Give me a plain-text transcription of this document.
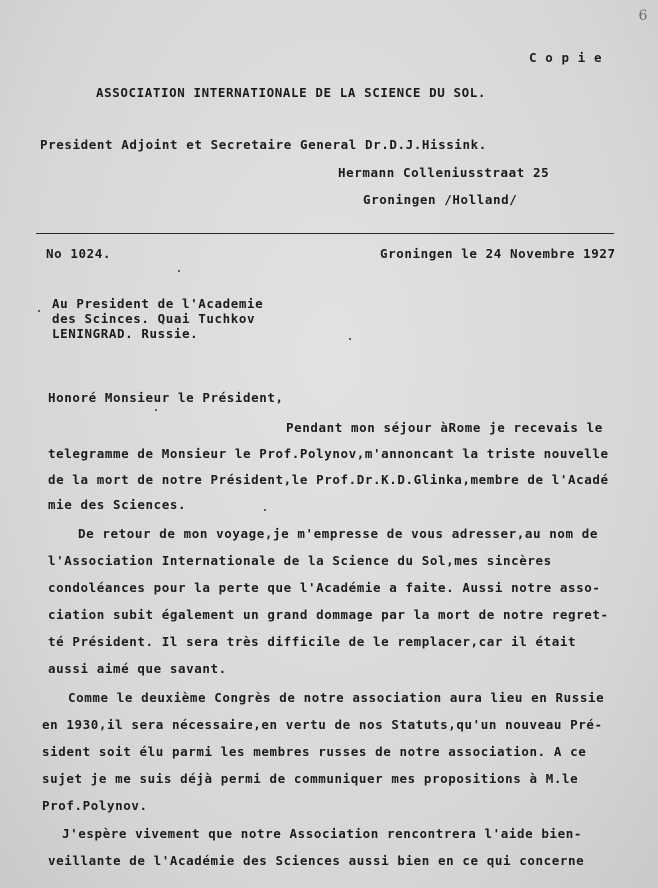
6

C o p i e

ASSOCIATION INTERNATIONALE DE LA SCIENCE DU SOL.

President Adjoint et Secretaire General Dr.D.J.Hissink.

Hermann Colleniusstraat 25

Groningen /Holland/

No 1024.	Groningen le 24 Novembre 1927

Au President de l'Academie

des Scinces. Quai Tuchkov

LENINGRAD. Russie.

Honoré Monsieur le Président,

Pendant mon séjour àRome je recevais le

telegramme de Monsieur le Prof.Polynov,m'annoncant la triste nouvelle

de la mort de notre Président,le Prof.Dr.K.D.Glinka,membre de l'Acadé

mie des Sciences.

De retour de mon voyage,je m'empresse de vous adresser,au nom de

l'Association Internationale de la Science du Sol,mes sincères

condoléances pour la perte que l'Académie a faite. Aussi notre asso-

ciation subit également un grand dommage par la mort de notre regret-

té Président. Il sera très difficile de le remplacer,car il était

aussi aimé que savant.

Comme le deuxième Congrès de notre association aura lieu en Russie

en 1930,il sera nécessaire,en vertu de nos Statuts,qu'un nouveau Pré-

sident soit élu parmi les membres russes de notre association. A ce

sujet je me suis déjà permi de communiquer mes propositions à M.le

Prof.Polynov.

J'espère vivement que notre Association rencontrera l'aide bien-

veillante de l'Académie des Sciences aussi bien en ce qui concerne
